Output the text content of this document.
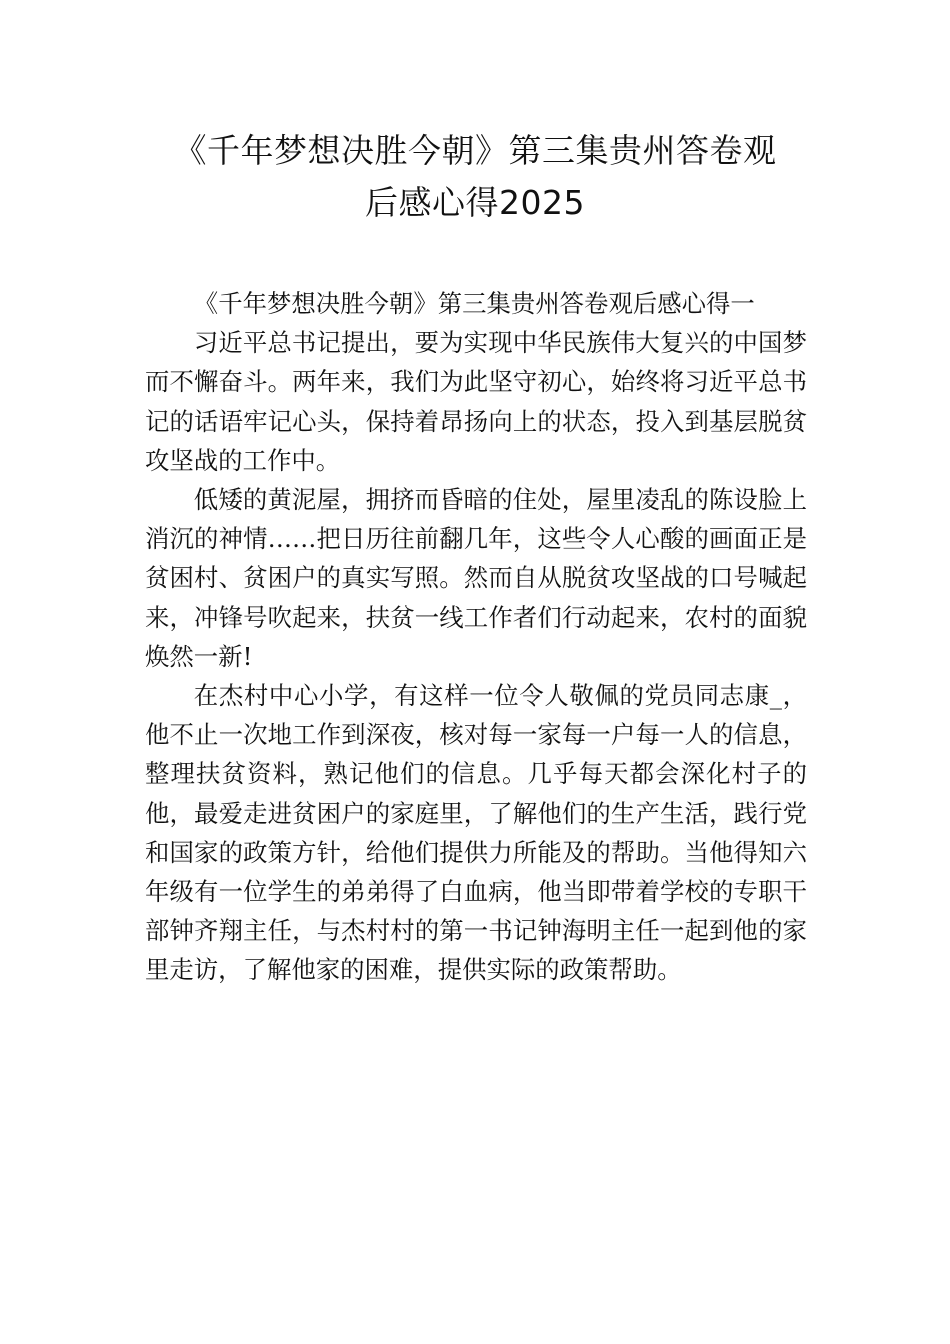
《千年梦想决胜今朝》第三集贵州答卷观
后感心得2025

《千年梦想决胜今朝》第三集贵州答卷观后感心得一

习近平总书记提出，要为实现中华民族伟大复兴的中国梦而不懈奋斗。两年来，我们为此坚守初心，始终将习近平总书记的话语牢记心头，保持着昂扬向上的状态，投入到基层脱贫攻坚战的工作中。

低矮的黄泥屋，拥挤而昏暗的住处，屋里凌乱的陈设脸上消沉的神情……把日历往前翻几年，这些令人心酸的画面正是贫困村、贫困户的真实写照。然而自从脱贫攻坚战的口号喊起来，冲锋号吹起来，扶贫一线工作者们行动起来，农村的面貌焕然一新!

在杰村中心小学，有这样一位令人敬佩的党员同志康_，他不止一次地工作到深夜，核对每一家每一户每一人的信息，整理扶贫资料，熟记他们的信息。几乎每天都会深化村子的他，最爱走进贫困户的家庭里，了解他们的生产生活，践行党和国家的政策方针，给他们提供力所能及的帮助。当他得知六年级有一位学生的弟弟得了白血病，他当即带着学校的专职干部钟齐翔主任，与杰村村的第一书记钟海明主任一起到他的家里走访，了解他家的困难，提供实际的政策帮助。
